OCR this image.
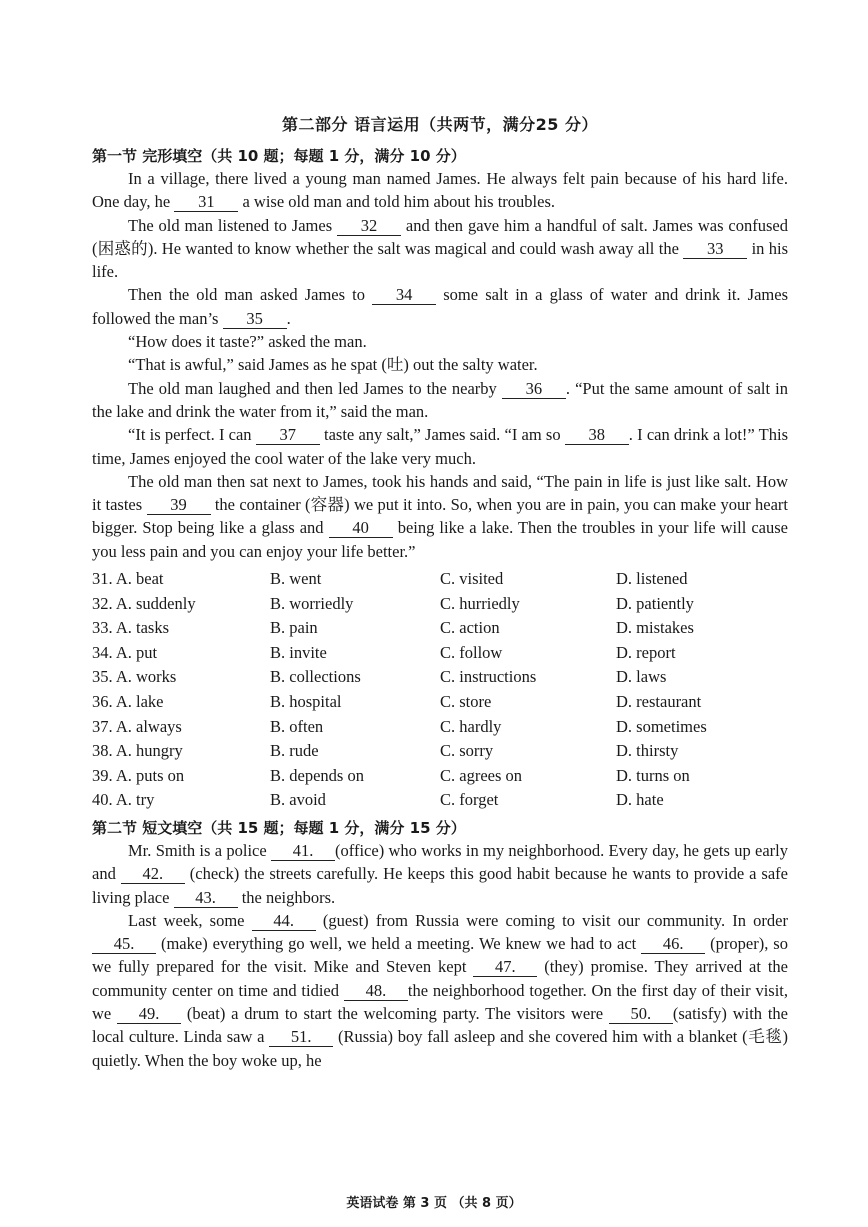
第二部分 语言运用（共两节，满分25 分）
第一节 完形填空（共 10 题；每题 1 分，满分 10 分）

In a village, there lived a young man named James. He always felt pain because of his hard life. One day, he 31 a wise old man and told him about his troubles.

The old man listened to James 32 and then gave him a handful of salt. James was confused (困惑的). He wanted to know whether the salt was magical and could wash away all the 33 in his life.

Then the old man asked James to 34 some salt in a glass of water and drink it. James followed the man’s 35 .

“How does it taste?” asked the man.

“That is awful,” said James as he spat (吐) out the salty water.

The old man laughed and then led James to the nearby 36 . “Put the same amount of salt in the lake and drink the water from it,” said the man.

“It is perfect. I can 37 taste any salt,” James said. “I am so 38 . I can drink a lot!” This time, James enjoyed the cool water of the lake very much.

The old man then sat next to James, took his hands and said, “The pain in life is just like salt. How it tastes 39 the container (容器) we put it into. So, when you are in pain, you can make your heart bigger. Stop being like a glass and 40 being like a lake. Then the troubles in your life will cause you less pain and you can enjoy your life better.”

31. A. beat	B. went	C. visited	D. listened
32. A. suddenly	B. worriedly	C. hurriedly	D. patiently
33. A. tasks	B. pain	C. action	D. mistakes
34. A. put	B. invite	C. follow	D. report
35. A. works	B. collections	C. instructions	D. laws
36. A. lake	B. hospital	C. store	D. restaurant
37. A. always	B. often	C. hardly	D. sometimes
38. A. hungry	B. rude	C. sorry	D. thirsty
39. A. puts on	B. depends on	C. agrees on	D. turns on
40. A. try	B. avoid	C. forget	D. hate
第二节 短文填空（共 15 题；每题 1 分，满分 15 分）

Mr. Smith is a police 41. (office) who works in my neighborhood. Every day, he gets up early and 42. (check) the streets carefully. He keeps this good habit because he wants to provide a safe living place 43. the neighbors.

Last week, some 44. (guest) from Russia were coming to visit our community. In order 45. (make) everything go well, we held a meeting. We knew we had to act 46. (proper), so we fully prepared for the visit. Mike and Steven kept 47. (they) promise. They arrived at the community center on time and tidied 48. the neighborhood together. On the first day of their visit, we 49. (beat) a drum to start the welcoming party. The visitors were 50. (satisfy) with the local culture. Linda saw a 51. (Russia) boy fall asleep and she covered him with a blanket (毛毯) quietly. When the boy woke up, he

英语试卷 第 3 页 （共 8 页）
